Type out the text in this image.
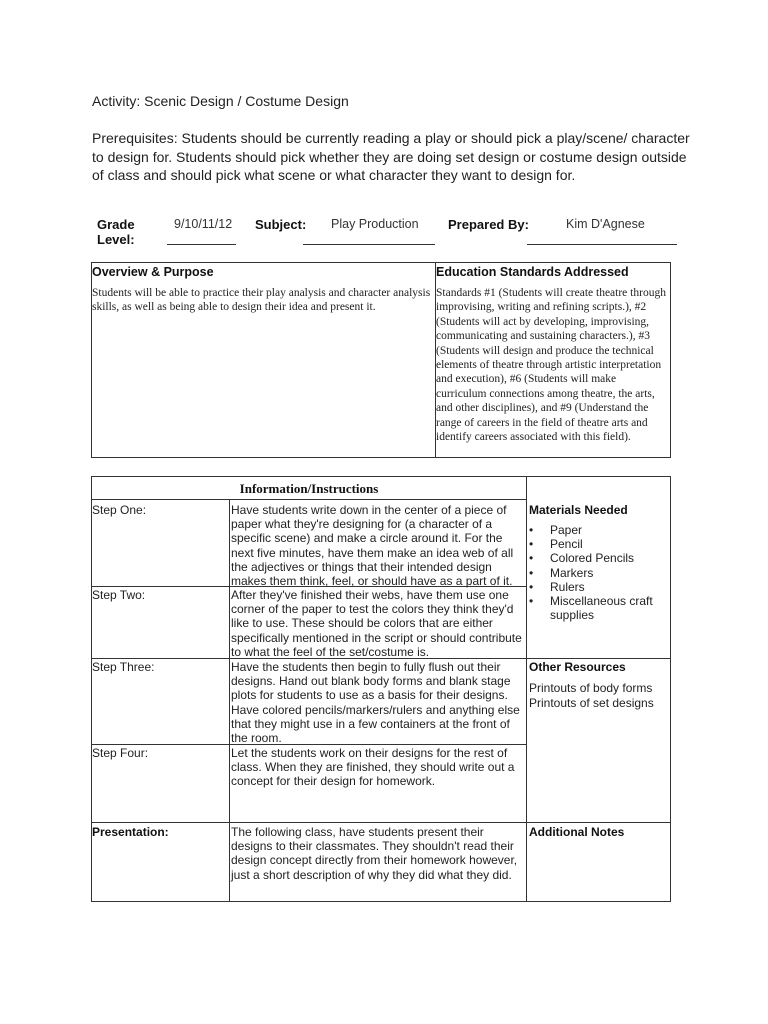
Activity: Scenic Design / Costume Design
Prerequisites: Students should be currently reading a play or should pick a play/scene/ character to design for. Students should pick whether they are doing set design or costume design outside of class and should pick what scene or what character they want to design for.
Grade
Level:
9/10/11/12 Subject: Play Production Prepared By:	Kim D'Agnese
Overview & Purpose
Students will be able to practice their play analysis and character analysis skills, as well as being able to design their idea and present it.
Education Standards Addressed
Standards #1 (Students will create theatre through improvising, writing and refining scripts.), #2 (Students will act by developing, improvising, communicating and sustaining characters.), #3 (Students will design and produce the technical elements of theatre through artistic interpretation and execution), #6 (Students will make curriculum connections among theatre, the arts, and other disciplines), and #9 (Understand the range of careers in the field of theatre arts and identify careers associated with this field).
Information/Instructions
Step One:	Have students write down in the center of a piece of paper what they're designing for (a character of a specific scene) and make a circle around it. For the next five minutes, have them make an idea web of all the adjectives or things that their intended design makes them think, feel, or should have as a part of it.
Step Two:	After they've finished their webs, have them use one corner of the paper to test the colors they think they'd like to use. These should be colors that are either specifically mentioned in the script or should contribute to what the feel of the set/costume is.
Step Three:	Have the students then begin to fully flush out their designs. Hand out blank body forms and blank stage plots for students to use as a basis for their designs. Have colored pencils/markers/rulers and anything else that they might use in a few containers at the front of the room.
Step Four:	Let the students work on their designs for the rest of class. When they are finished, they should write out a concept for their design for homework.
Presentation:	The following class, have students present their designs to their classmates. They shouldn't read their design concept directly from their homework however, just a short description of why they did what they did.
Materials Needed
• Paper
• Pencil
• Colored Pencils
• Markers
• Rulers
• Miscellaneous craft supplies
Other Resources
Printouts of body forms
Printouts of set designs
Additional Notes
